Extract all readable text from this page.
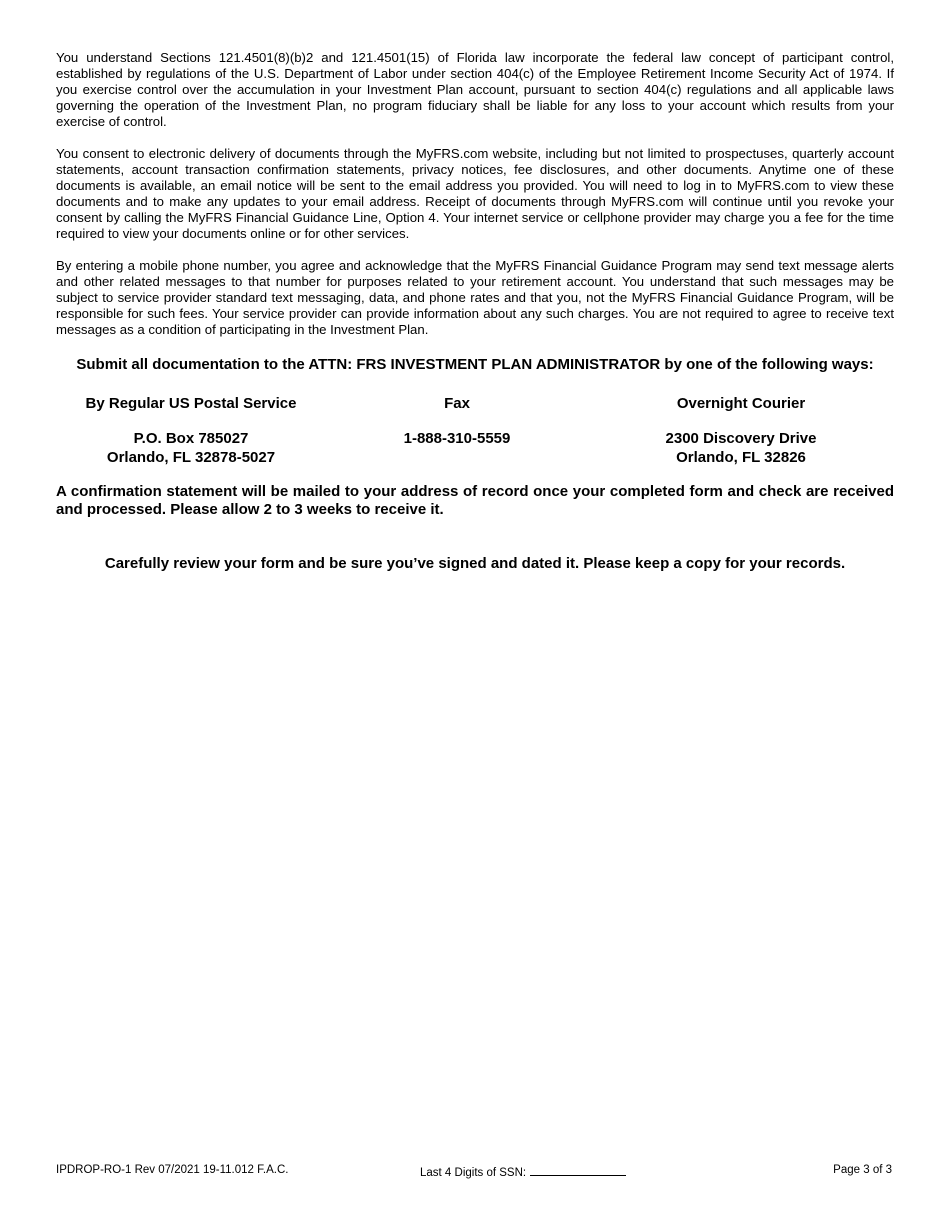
You understand Sections 121.4501(8)(b)2 and 121.4501(15) of Florida law incorporate the federal law concept of participant control, established by regulations of the U.S. Department of Labor under section 404(c) of the Employee Retirement Income Security Act of 1974. If you exercise control over the accumulation in your Investment Plan account, pursuant to section 404(c) regulations and all applicable laws governing the operation of the Investment Plan, no program fiduciary shall be liable for any loss to your account which results from your exercise of control.

You consent to electronic delivery of documents through the MyFRS.com website, including but not limited to prospectuses, quarterly account statements, account transaction confirmation statements, privacy notices, fee disclosures, and other documents. Anytime one of these documents is available, an email notice will be sent to the email address you provided. You will need to log in to MyFRS.com to view these documents and to make any updates to your email address. Receipt of documents through MyFRS.com will continue until you revoke your consent by calling the MyFRS Financial Guidance Line, Option 4. Your internet service or cellphone provider may charge you a fee for the time required to view your documents online or for other services.

By entering a mobile phone number, you agree and acknowledge that the MyFRS Financial Guidance Program may send text message alerts and other related messages to that number for purposes related to your retirement account. You understand that such messages may be subject to service provider standard text messaging, data, and phone rates and that you, not the MyFRS Financial Guidance Program, will be responsible for such fees. Your service provider can provide information about any such charges. You are not required to agree to receive text messages as a condition of participating in the Investment Plan.

Submit all documentation to the ATTN: FRS INVESTMENT PLAN ADMINISTRATOR by one of the following ways:
By Regular US Postal Service
P.O. Box 785027
Orlando, FL 32878-5027
Fax
1-888-310-5559
Overnight Courier
2300 Discovery Drive
Orlando, FL 32826
A confirmation statement will be mailed to your address of record once your completed form and check are received and processed. Please allow 2 to 3 weeks to receive it.
Carefully review your form and be sure you’ve signed and dated it. Please keep a copy for your records.
IPDROP-RO-1 Rev 07/2021 19-11.012 F.A.C.	Last 4 Digits of SSN:	Page 3 of 3
